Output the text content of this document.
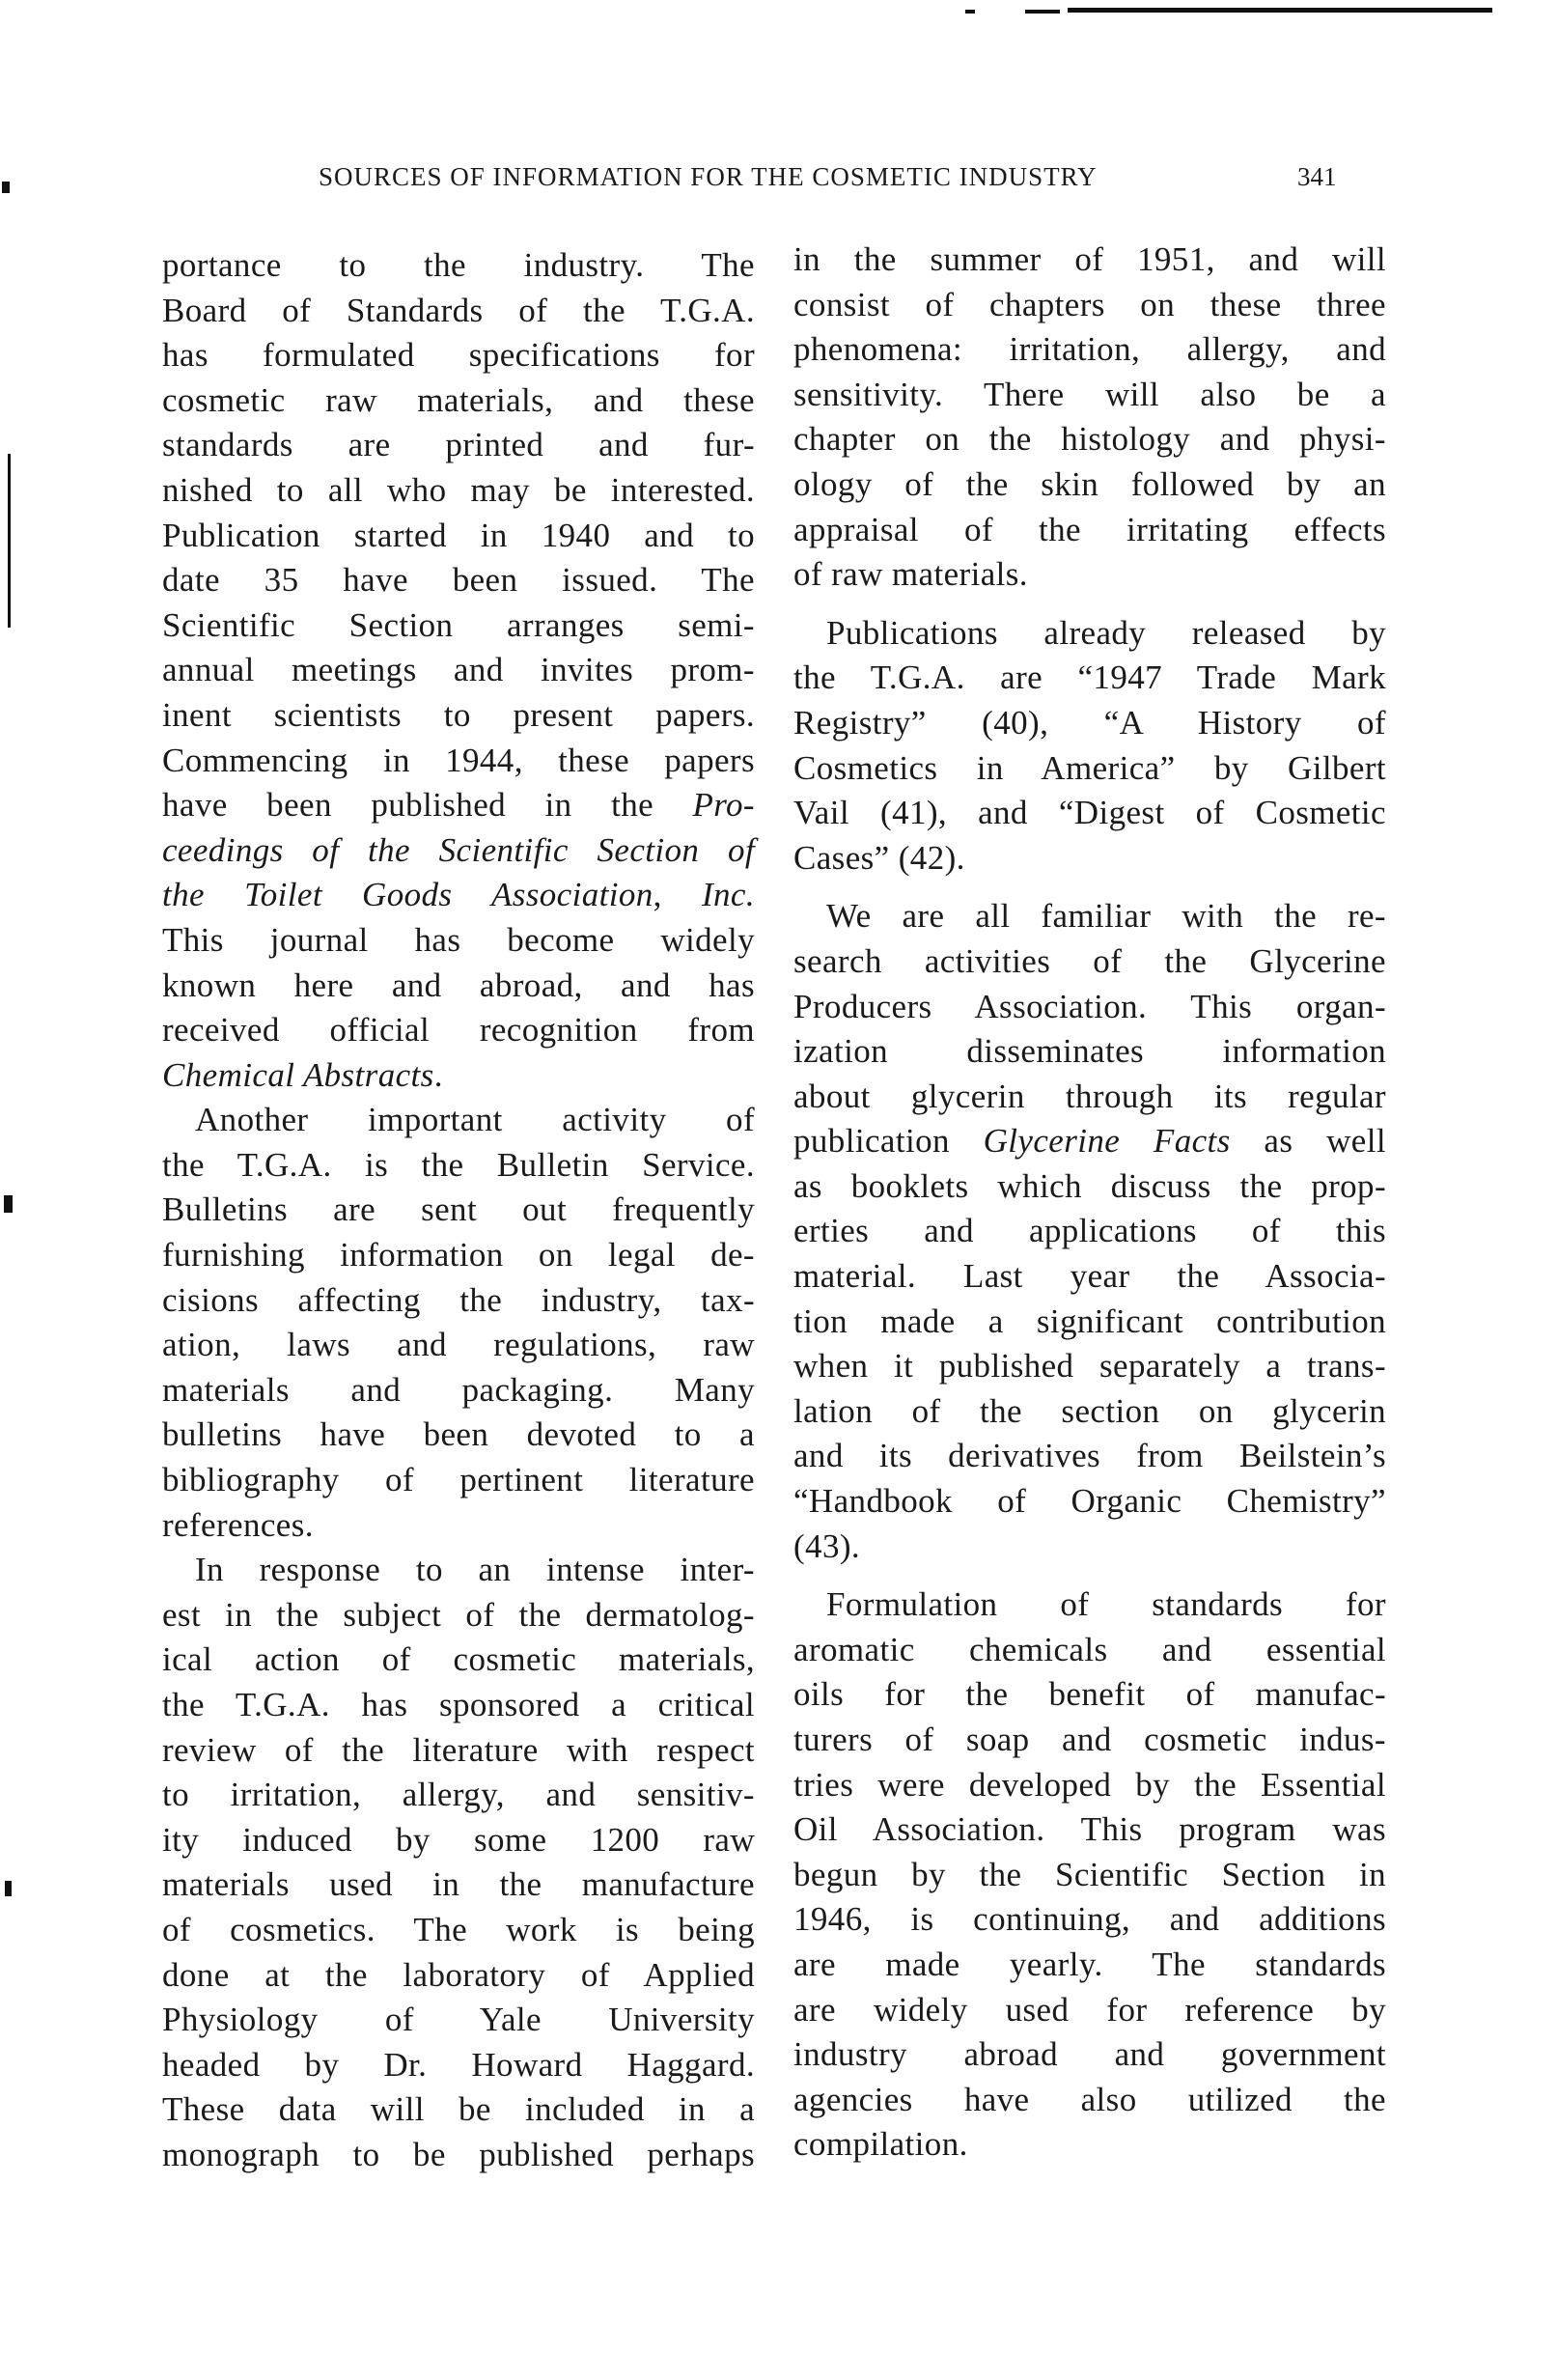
SOURCES OF INFORMATION FOR THE COSMETIC INDUSTRY	341
portance to the industry. The
Board of Standards of the T.G.A.
has formulated specifications for
cosmetic raw materials, and these
standards are printed and fur-
nished to all who may be interested.
Publication started in 1940 and to
date 35 have been issued. The
Scientific Section arranges semi-
annual meetings and invites prom-
inent scientists to present papers.
Commencing in 1944, these papers
have been published in the Pro-
ceedings of the Scientific Section of
the Toilet Goods Association, Inc.
This journal has become widely
known here and abroad, and has
received official recognition from
Chemical Abstracts.
Another important activity of
the T.G.A. is the Bulletin Service.
Bulletins are sent out frequently
furnishing information on legal de-
cisions affecting the industry, tax-
ation, laws and regulations, raw
materials and packaging. Many
bulletins have been devoted to a
bibliography of pertinent literature
references.
In response to an intense inter-
est in the subject of the dermatolog-
ical action of cosmetic materials,
the T.G.A. has sponsored a critical
review of the literature with respect
to irritation, allergy, and sensitiv-
ity induced by some 1200 raw
materials used in the manufacture
of cosmetics. The work is being
done at the laboratory of Applied
Physiology of Yale University
headed by Dr. Howard Haggard.
These data will be included in a
monograph to be published perhaps
in the summer of 1951, and will
consist of chapters on these three
phenomena: irritation, allergy, and
sensitivity. There will also be a
chapter on the histology and physi-
ology of the skin followed by an
appraisal of the irritating effects
of raw materials.
Publications already released by
the T.G.A. are “1947 Trade Mark
Registry” (40), “A History of
Cosmetics in America” by Gilbert
Vail (41), and “Digest of Cosmetic
Cases” (42).
We are all familiar with the re-
search activities of the Glycerine
Producers Association. This organ-
ization disseminates information
about glycerin through its regular
publication Glycerine Facts as well
as booklets which discuss the prop-
erties and applications of this
material. Last year the Associa-
tion made a significant contribution
when it published separately a trans-
lation of the section on glycerin
and its derivatives from Beilstein’s
“Handbook of Organic Chemistry”
(43).
Formulation of standards for
aromatic chemicals and essential
oils for the benefit of manufac-
turers of soap and cosmetic indus-
tries were developed by the Essential
Oil Association. This program was
begun by the Scientific Section in
1946, is continuing, and additions
are made yearly. The standards
are widely used for reference by
industry abroad and government
agencies have also utilized the
compilation.
